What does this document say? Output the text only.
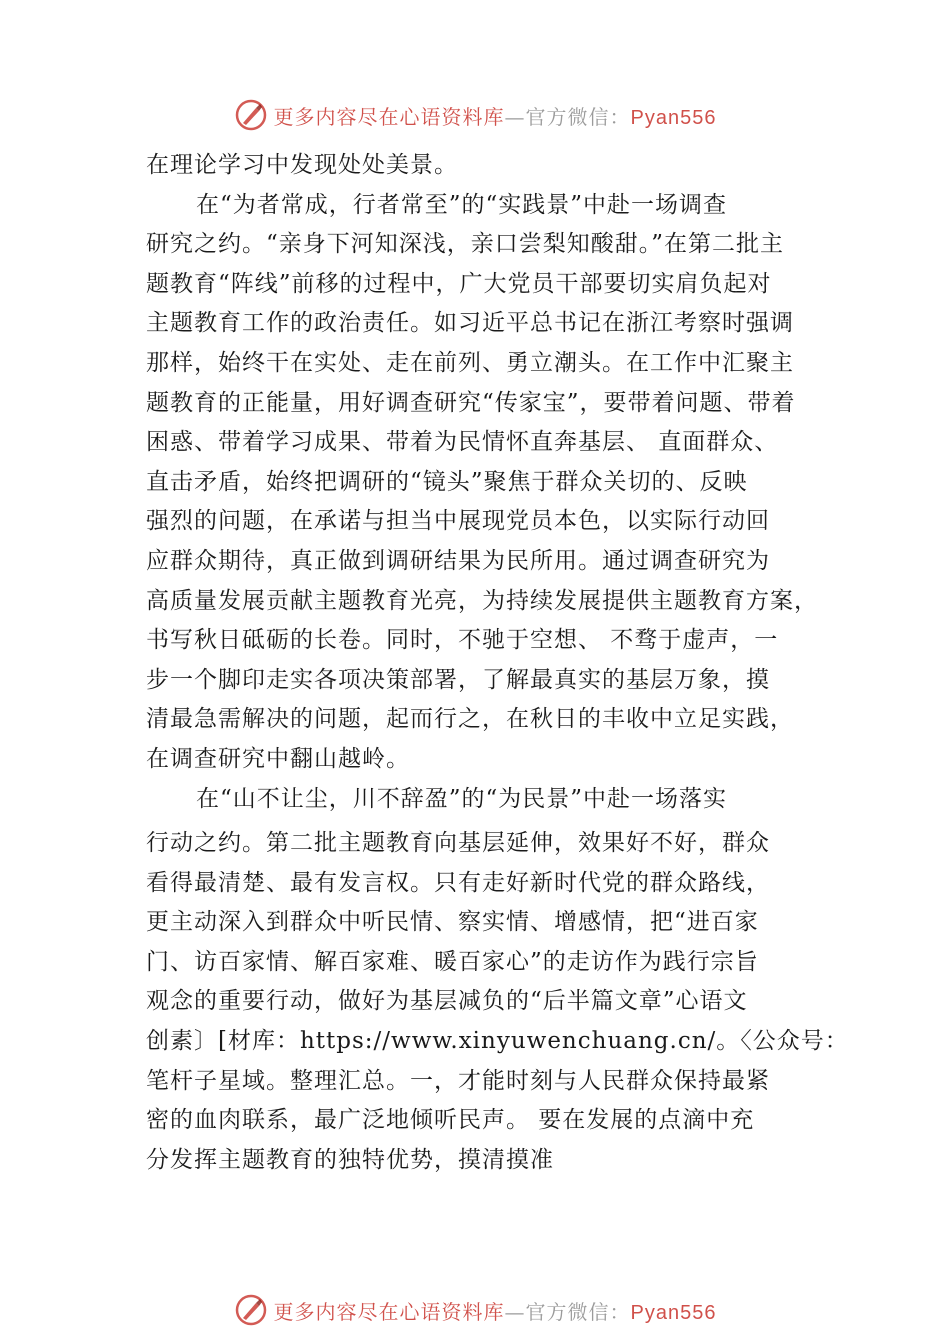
更多内容尽在心语资料库—官方微信：Pyan556
在理论学习中发现处处美景。
在“为者常成，行者常至”的“实践景”中赴一场调查
研究之约。“亲身下河知深浅，亲口尝梨知酸甜。”在第二批主
题教育“阵线”前移的过程中，广大党员干部要切实肩负起对
主题教育工作的政治责任。如习近平总书记在浙江考察时强调
那样，始终干在实处、走在前列、勇立潮头。在工作中汇聚主
题教育的正能量，用好调查研究“传家宝”，要带着问题、带着
困惑、带着学习成果、带着为民情怀直奔基层、 直面群众、
直击矛盾，始终把调研的“镜头”聚焦于群众关切的、反映
强烈的问题，在承诺与担当中展现党员本色，以实际行动回
应群众期待，真正做到调研结果为民所用。通过调查研究为
高质量发展贡献主题教育光亮，为持续发展提供主题教育方案，
书写秋日砥砺的长卷。同时，不驰于空想、 不骛于虚声，一
步一个脚印走实各项决策部署，了解最真实的基层万象，摸
清最急需解决的问题，起而行之，在秋日的丰收中立足实践，
在调查研究中翻山越岭。
在“山不让尘，川不辞盈”的“为民景”中赴一场落实
行动之约。第二批主题教育向基层延伸，效果好不好，群众
看得最清楚、最有发言权。只有走好新时代党的群众路线，
更主动深入到群众中听民情、察实情、增感情，把“进百家
门、访百家情、解百家难、暖百家心”的走访作为践行宗旨
观念的重要行动，做好为基层减负的“后半篇文章”心语文
创素〕[材库：https://www.xinyuwenchuang.cn/。〈公众号：
笔杆子星域。整理汇总。一，才能时刻与人民群众保持最紧
密的血肉联系，最广泛地倾听民声。 要在发展的点滴中充
分发挥主题教育的独特优势，摸清摸准
更多内容尽在心语资料库—官方微信：Pyan556
